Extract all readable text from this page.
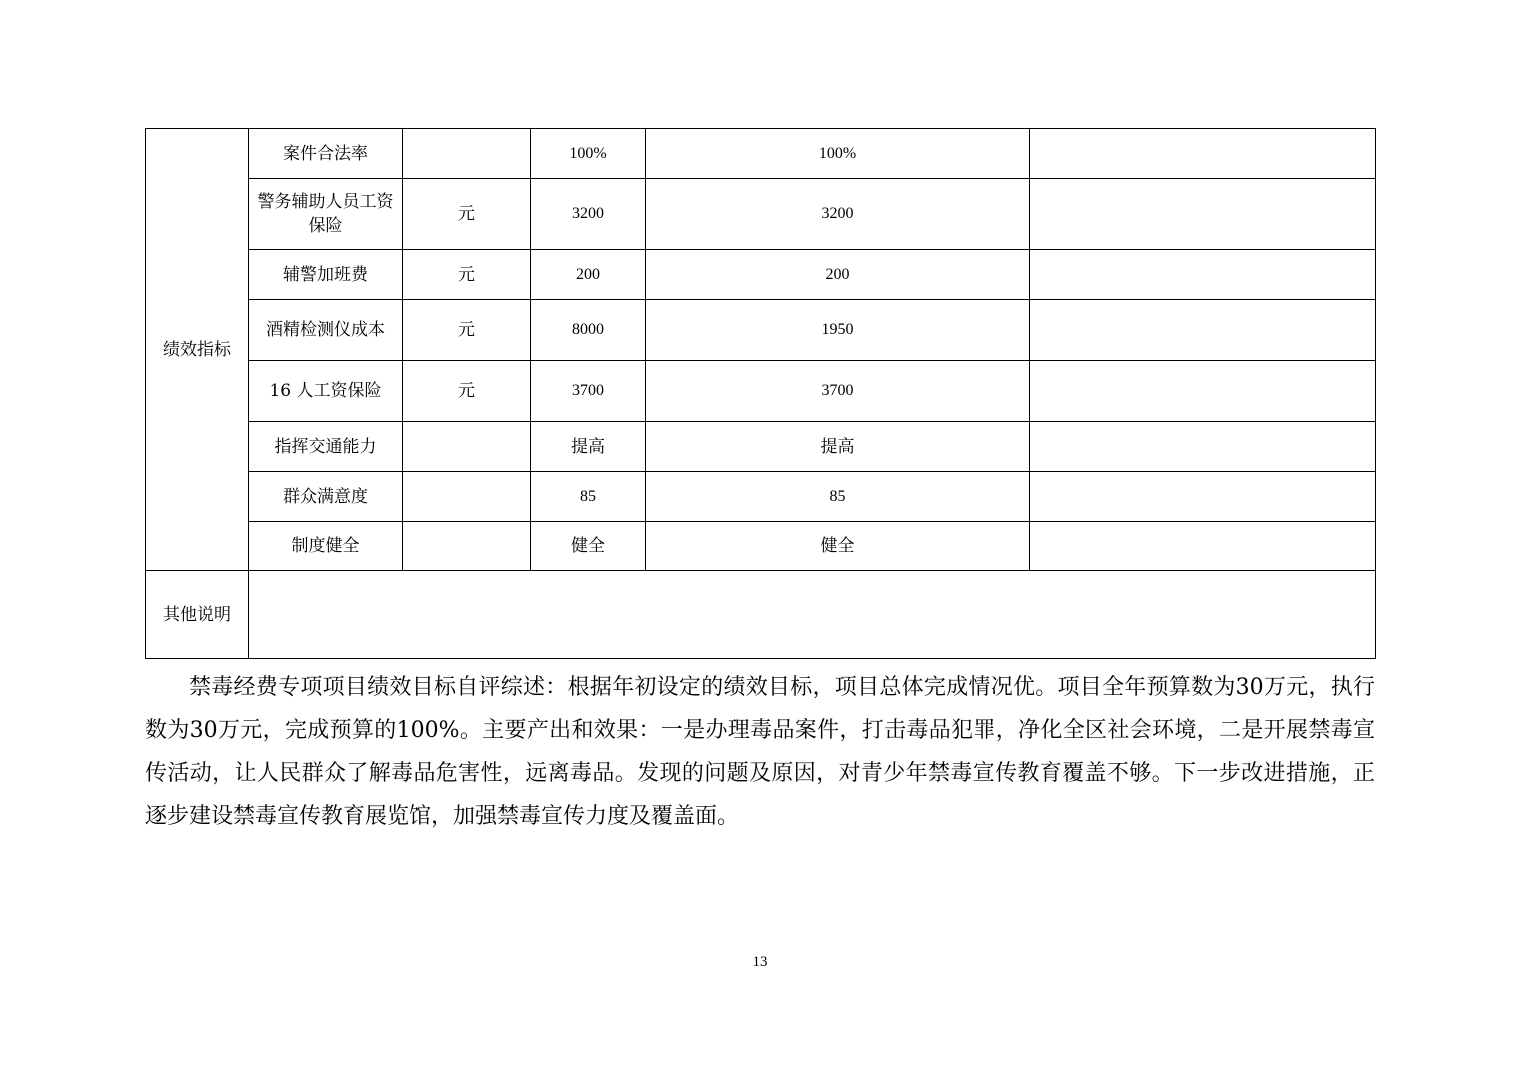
绩效指标	案件合法率		100%	100%	
	警务辅助人员工资保险	元	3200	3200	
	辅警加班费	元	200	200	
	酒精检测仪成本	元	8000	1950	
	16 人工资保险	元	3700	3700	
	指挥交通能力		提高	提高	
	群众满意度		85	85	
	制度健全		健全	健全	
其他说明					

禁毒经费专项项目绩效目标自评综述：根据年初设定的绩效目标，项目总体完成情况优。项目全年预算数为30万元，执行数为30万元，完成预算的100%。主要产出和效果：一是办理毒品案件，打击毒品犯罪，净化全区社会环境，二是开展禁毒宣传活动，让人民群众了解毒品危害性，远离毒品。发现的问题及原因，对青少年禁毒宣传教育覆盖不够。下一步改进措施，正逐步建设禁毒宣传教育展览馆，加强禁毒宣传力度及覆盖面。

13
